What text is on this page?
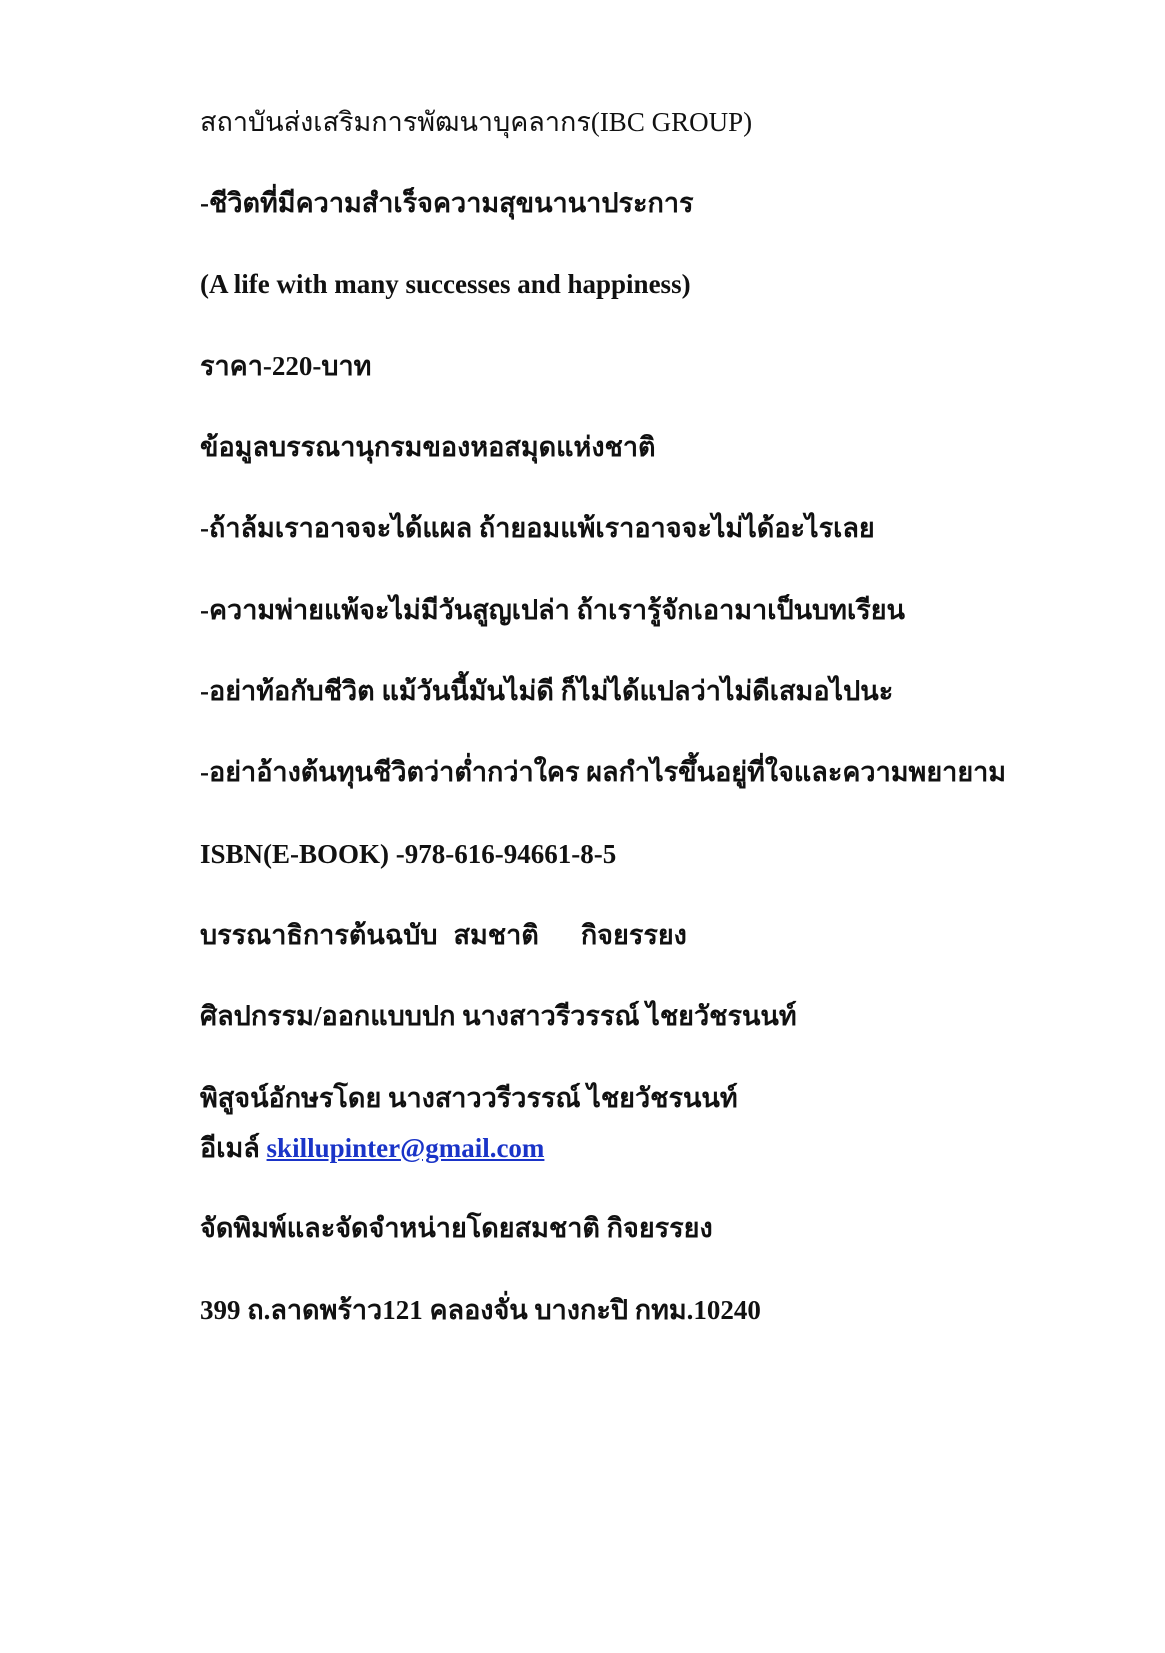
สถาบันส่งเสริมการพัฒนาบุคลากร(IBC GROUP)
-ชีวิตที่มีความสำเร็จความสุขนานาประการ
(A life with many successes and happiness)
ราคา-220-บาท
ข้อมูลบรรณานุกรมของหอสมุดแห่งชาติ
-ถ้าล้มเราอาจจะได้แผล ถ้ายอมแพ้เราอาจจะไม่ได้อะไรเลย
-ความพ่ายแพ้จะไม่มีวันสูญเปล่า ถ้าเรารู้จักเอามาเป็นบทเรียน
-อย่าท้อกับชีวิต แม้วันนี้มันไม่ดี ก็ไม่ได้แปลว่าไม่ดีเสมอไปนะ
-อย่าอ้างต้นทุนชีวิตว่าต่ำกว่าใคร ผลกำไรขึ้นอยู่ที่ใจและความพยายาม
ISBN(E-BOOK) -978-616-94661-8-5
บรรณาธิการต้นฉบับ สมชาติ กิจยรรยง
ศิลปกรรม/ออกแบบปก นางสาวรีวรรณ์ ไชยวัชรนนท์
พิสูจน์อักษรโดย นางสาววรีวรรณ์ ไชยวัชรนนท์
อีเมล์ skillupinter@gmail.com
จัดพิมพ์และจัดจำหน่ายโดยสมชาติ กิจยรรยง
399 ถ.ลาดพร้าว121 คลองจั่น บางกะปิ กทม.10240
